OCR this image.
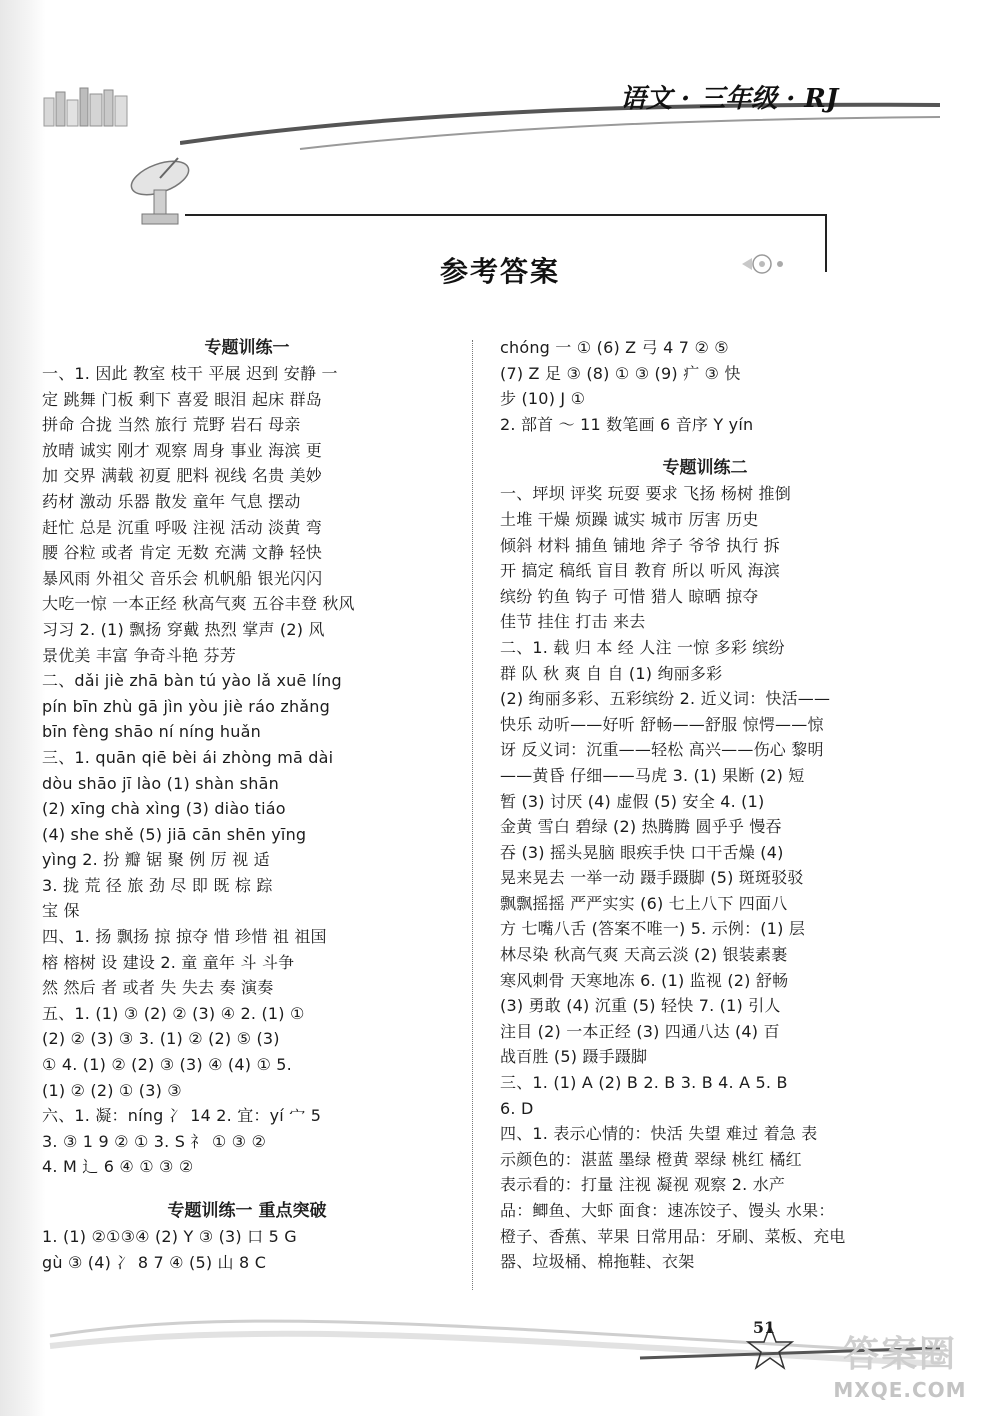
语文 · 三年级 · RJ
参考答案
专题训练一
一、1. 因此 教室 枝干 平展 迟到 安静 一
定 跳舞 门板 剩下 喜爱 眼泪 起床 群岛
拼命 合拢 当然 旅行 荒野 岩石 母亲
放晴 诚实 刚才 观察 周身 事业 海滨 更
加 交界 满载 初夏 肥料 视线 名贵 美妙
药材 激动 乐器 散发 童年 气息 摆动
赶忙 总是 沉重 呼吸 注视 活动 淡黄 弯
腰 谷粒 或者 肯定 无数 充满 文静 轻快
暴风雨 外祖父 音乐会 机帆船 银光闪闪
大吃一惊 一本正经 秋高气爽 五谷丰登 秋风
习习 2. (1) 飘扬 穿戴 热烈 掌声 (2) 风
景优美 丰富 争奇斗艳 芬芳
二、dǎi jiè zhā bàn tú yào lǎ xuē líng
pín bīn zhù gā jìn yòu jiè ráo zhǎng
bīn fèng shāo ní níng huǎn
三、1. quān qiē bèi ái zhòng mā dài
dòu shāo jī lào (1) shàn shān
(2) xīng chà xìng (3) diào tiáo
(4) she shě (5) jiā cān shēn yīng
yìng 2. 扮 瓣 锯 聚 例 厉 视 适
3. 拢 荒 径 旅 劲 尽 即 既 棕 踪
宝 保
四、1. 扬 飘扬 掠 掠夺 惜 珍惜 祖 祖国
榕 榕树 设 建设 2. 童 童年 斗 斗争
然 然后 者 或者 失 失去 奏 演奏
五、1. (1) ③ (2) ② (3) ④ 2. (1) ①
(2) ② (3) ③ 3. (1) ② (2) ⑤ (3)
① 4. (1) ② (2) ③ (3) ④ (4) ① 5.
(1) ② (2) ① (3) ③
六、1. 凝：níng 冫 14 2. 宜：yí 宀 5
3. ③ 1 9 ② ① 3. S 礻 ① ③ ②
4. M 辶 6 ④ ① ③ ②
专题训练一 重点突破
1. (1) ②①③④ (2) Y ③ (3) 口 5 G
gù ③ (4) 冫 8 7 ④ (5) 山 8 C
chóng 一 ① (6) Z 弓 4 7 ② ⑤
(7) Z 足 ③ (8) ① ③ (9) 疒 ③ 快
步 (10) J ①
2. 部首 ～ 11 数笔画 6 音序 Y yín
专题训练二
一、坪坝 评奖 玩耍 要求 飞扬 杨树 推倒
土堆 干燥 烦躁 诚实 城市 厉害 历史
倾斜 材料 捕鱼 铺地 斧子 爷爷 执行 拆
开 搞定 稿纸 盲目 教育 所以 听风 海滨
缤纷 钓鱼 钩子 可惜 猎人 晾晒 掠夺
佳节 挂住 打击 来去
二、1. 载 归 本 经 人注 一惊 多彩 缤纷
群 队 秋 爽 自 自 (1) 绚丽多彩
(2) 绚丽多彩、五彩缤纷 2. 近义词：快活——
快乐 动听——好听 舒畅——舒服 惊愕——惊
讶 反义词：沉重——轻松 高兴——伤心 黎明
——黄昏 仔细——马虎 3. (1) 果断 (2) 短
暂 (3) 讨厌 (4) 虚假 (5) 安全 4. (1)
金黄 雪白 碧绿 (2) 热腾腾 圆乎乎 慢吞
吞 (3) 摇头晃脑 眼疾手快 口干舌燥 (4)
晃来晃去 一举一动 蹑手蹑脚 (5) 斑斑驳驳
飘飘摇摇 严严实实 (6) 七上八下 四面八
方 七嘴八舌 (答案不唯一) 5. 示例：(1) 层
林尽染 秋高气爽 天高云淡 (2) 银装素裹
寒风刺骨 天寒地冻 6. (1) 监视 (2) 舒畅
(3) 勇敢 (4) 沉重 (5) 轻快 7. (1) 引人
注目 (2) 一本正经 (3) 四通八达 (4) 百
战百胜 (5) 蹑手蹑脚
三、1. (1) A (2) B 2. B 3. B 4. A 5. B
6. D
四、1. 表示心情的：快活 失望 难过 着急 表
示颜色的：湛蓝 墨绿 橙黄 翠绿 桃红 橘红
表示看的：打量 注视 凝视 观察 2. 水产
品：鲫鱼、大虾 面食：速冻饺子、馒头 水果：
橙子、香蕉、苹果 日常用品：牙刷、菜板、充电
器、垃圾桶、棉拖鞋、衣架
51
答案圈
MXQE.COM
